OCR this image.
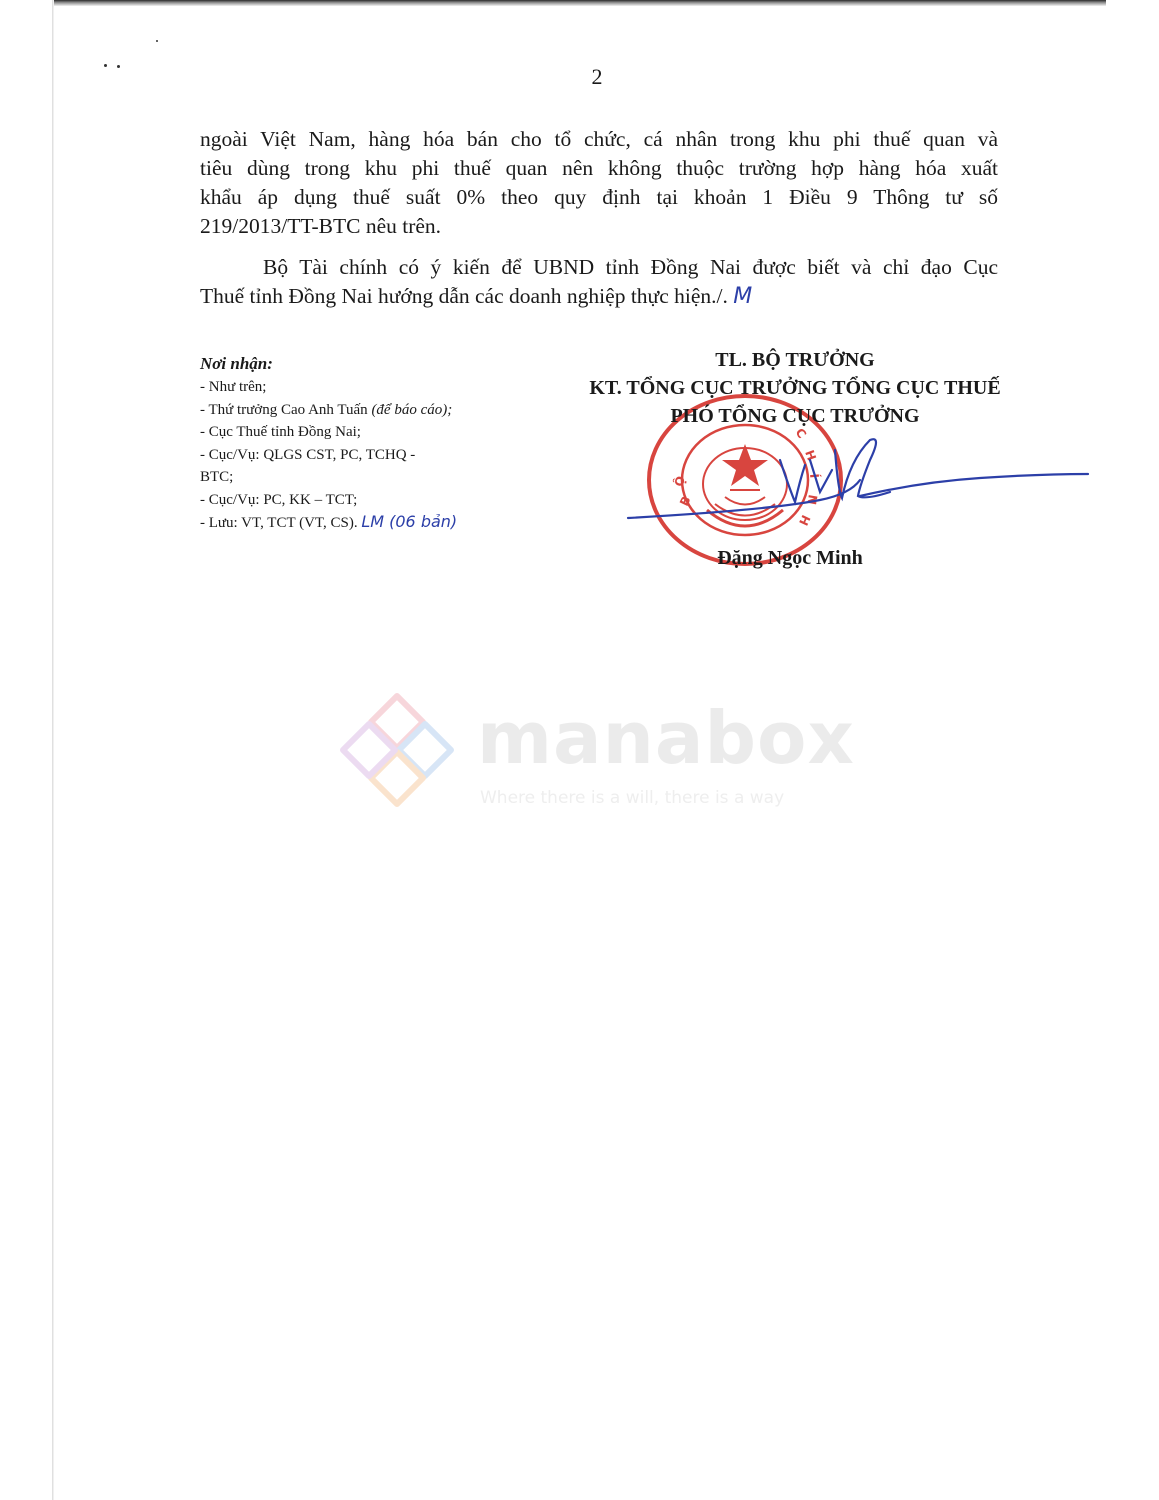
2
ngoài Việt Nam, hàng hóa bán cho tổ chức, cá nhân trong khu phi thuế quan và
tiêu dùng trong khu phi thuế quan nên không thuộc trường hợp hàng hóa xuất
khẩu áp dụng thuế suất 0% theo quy định tại khoản 1 Điều 9 Thông tư số
219/2013/TT-BTC nêu trên.
Bộ Tài chính có ý kiến để UBND tỉnh Đồng Nai được biết và chỉ đạo Cục
Thuế tỉnh Đồng Nai hướng dẫn các doanh nghiệp thực hiện./. M
Nơi nhận:
- Như trên;
- Thứ trưởng Cao Anh Tuấn (để báo cáo);
- Cục Thuế tỉnh Đồng Nai;
- Cục/Vụ: QLGS CST, PC, TCHQ -
BTC;
- Cục/Vụ: PC, KK – TCT;
- Lưu: VT, TCT (VT, CS). LM (06 bản)
B
Ộ
C
H
Í
N
H
TL. BỘ TRƯỞNG
KT. TỔNG CỤC TRƯỞNG TỔNG CỤC THUẾ
PHÓ TỔNG CỤC TRƯỞNG
Đặng Ngọc Minh
manabox
Where there is a will, there is a way
